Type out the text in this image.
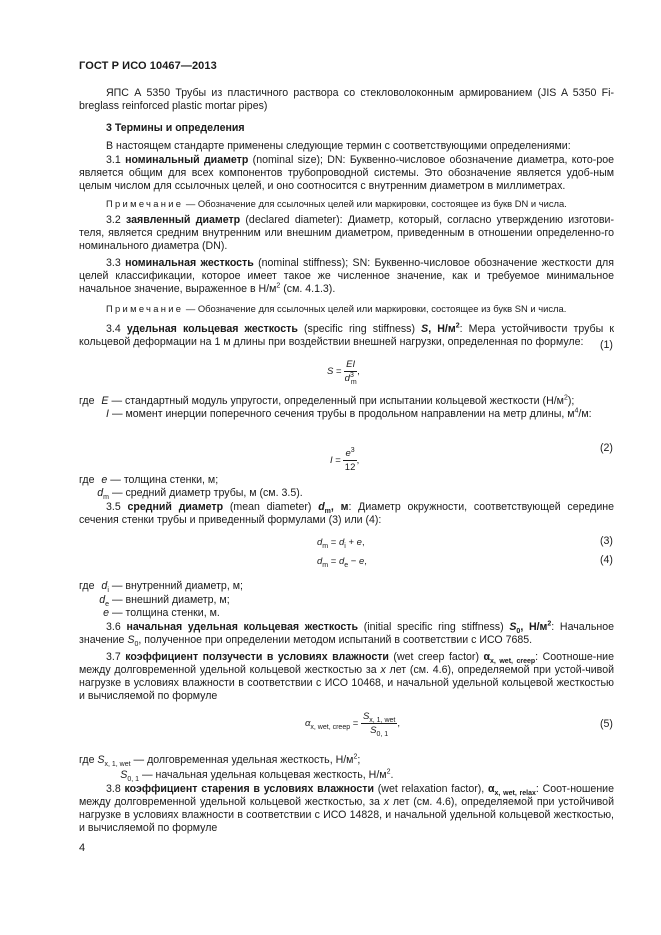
ГОСТ Р ИСО 10467—2013

ЯПС А 5350 Трубы из пластичного раствора со стекловолоконным армированием (JIS A 5350 Fi-breglass reinforced plastic mortar pipes)

3 Термины и определения

В настоящем стандарте применены следующие термин с соответствующими определениями:

3.1 номинальный диаметр (nominal size); DN: Буквенно-числовое обозначение диаметра, кото-рое является общим для всех компонентов трубопроводной системы. Это обозначение является удоб-ным целым числом для ссылочных целей, и оно соотносится с внутренним диаметром в миллиметрах.

Примечание — Обозначение для ссылочных целей или маркировки, состоящее из букв DN и числа.

3.2 заявленный диаметр (declared diameter): Диаметр, который, согласно утверждению изготови-теля, является средним внутренним или внешним диаметром, приведенным в отношении определенно-го номинального диаметра (DN).

3.3 номинальная жесткость (nominal stiffness); SN: Буквенно-числовое обозначение жесткости для целей классификации, которое имеет такое же численное значение, как и требуемое минимальное начальное значение, выраженное в $Н/м^2$ (см. 4.1.3).

Примечание — Обозначение для ссылочных целей или маркировки, состоящее из букв SN и числа.

3.4 удельная кольцевая жесткость (specific ring stiffness) S, $Н/м^2$: Мера устойчивости трубы к кольцевой деформации на 1 м длины при воздействии внешней нагрузки, определенная по формуле:

$S = \frac{EI}{d^3_m}$ ,
(1)
где E — стандартный модуль упругости, определенный при испытании кольцевой жесткости $(Н/м^2)$;
I — момент инерции поперечного сечения трубы в продольном направлении на метр длины, $м^4/м$:
$I = \frac{e^3}{12}$ ,
(2)
где e — толщина стенки, м;
$d_m$ — средний диаметр трубы, м (см. 3.5).

3.5 средний диаметр (mean diameter) $d_m$, м: Диаметр окружности, соответствующей середине сечения стенки трубы и приведенный формулами (3) или (4):

$d_m = d_i + e$,	(3)
$d_m = d_e - e$,	(4)
где $d_i$ — внутренний диаметр, м;
$d_e$ — внешний диаметр, м;
e — толщина стенки, м.

3.6 начальная удельная кольцевая жесткость (initial specific ring stiffness) $S_0$, $Н/м^2$: Начальное значение $S_0$, полученное при определении методом испытаний в соответствии с ИСО 7685.

3.7 коэффициент ползучести в условиях влажности (wet creep factor) $\alpha_{x, wet, creep}$: Соотноше-ние между долговременной удельной кольцевой жесткостью за x лет (см. 4.6), определяемой при устой-чивой нагрузке в условиях влажности в соответствии с ИСО 10468, и начальной удельной кольцевой жесткостью и вычисляемой по формуле

$\alpha_{x, wet, creep} = \frac{S_{x, 1, wet}}{S_{0, 1}}$ ,	(5)
где $S_{x, 1, wet}$ — долговременная удельная жесткость, $Н/м^2$;
$S_{0, 1}$ — начальная удельная кольцевая жесткость, $Н/м^2$.

3.8 коэффициент старения в условиях влажности (wet relaxation factor), $\alpha_{x, wet, relax}$: Соот-ношение между долговременной удельной кольцевой жесткостью, за x лет (см. 4.6), определяемой при устойчивой нагрузке в условиях влажности в соответствии с ИСО 14828, и начальной удельной кольцевой жесткостью, и вычисляемой по формуле

4
